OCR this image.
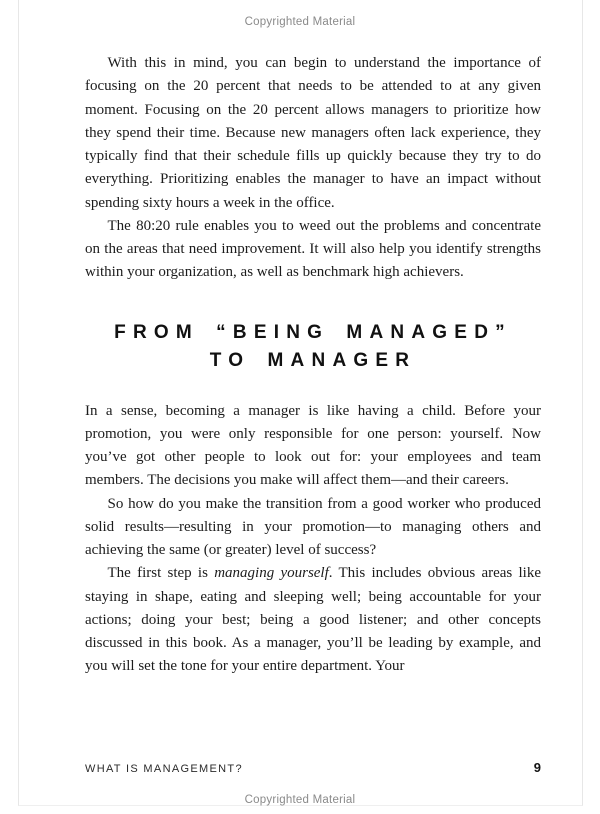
Copyrighted Material

With this in mind, you can begin to understand the importance of focusing on the 20 percent that needs to be attended to at any given moment. Focusing on the 20 percent allows managers to prioritize how they spend their time. Because new managers often lack experience, they typically find that their schedule fills up quickly because they try to do everything. Prioritizing enables the manager to have an impact without spending sixty hours a week in the office.

The 80:20 rule enables you to weed out the problems and concentrate on the areas that need improvement. It will also help you identify strengths within your organization, as well as benchmark high achievers.

FROM “BEING MANAGED”
TO MANAGER

In a sense, becoming a manager is like having a child. Before your promotion, you were only responsible for one person: yourself. Now you’ve got other people to look out for: your employees and team members. The decisions you make will affect them—and their careers.

So how do you make the transition from a good worker who produced solid results—resulting in your promotion—to managing others and achieving the same (or greater) level of success?

The first step is managing yourself. This includes obvious areas like staying in shape, eating and sleeping well; being accountable for your actions; doing your best; being a good listener; and other concepts discussed in this book. As a manager, you’ll be leading by example, and you will set the tone for your entire department. Your

WHAT IS MANAGEMENT?	9
Copyrighted Material
